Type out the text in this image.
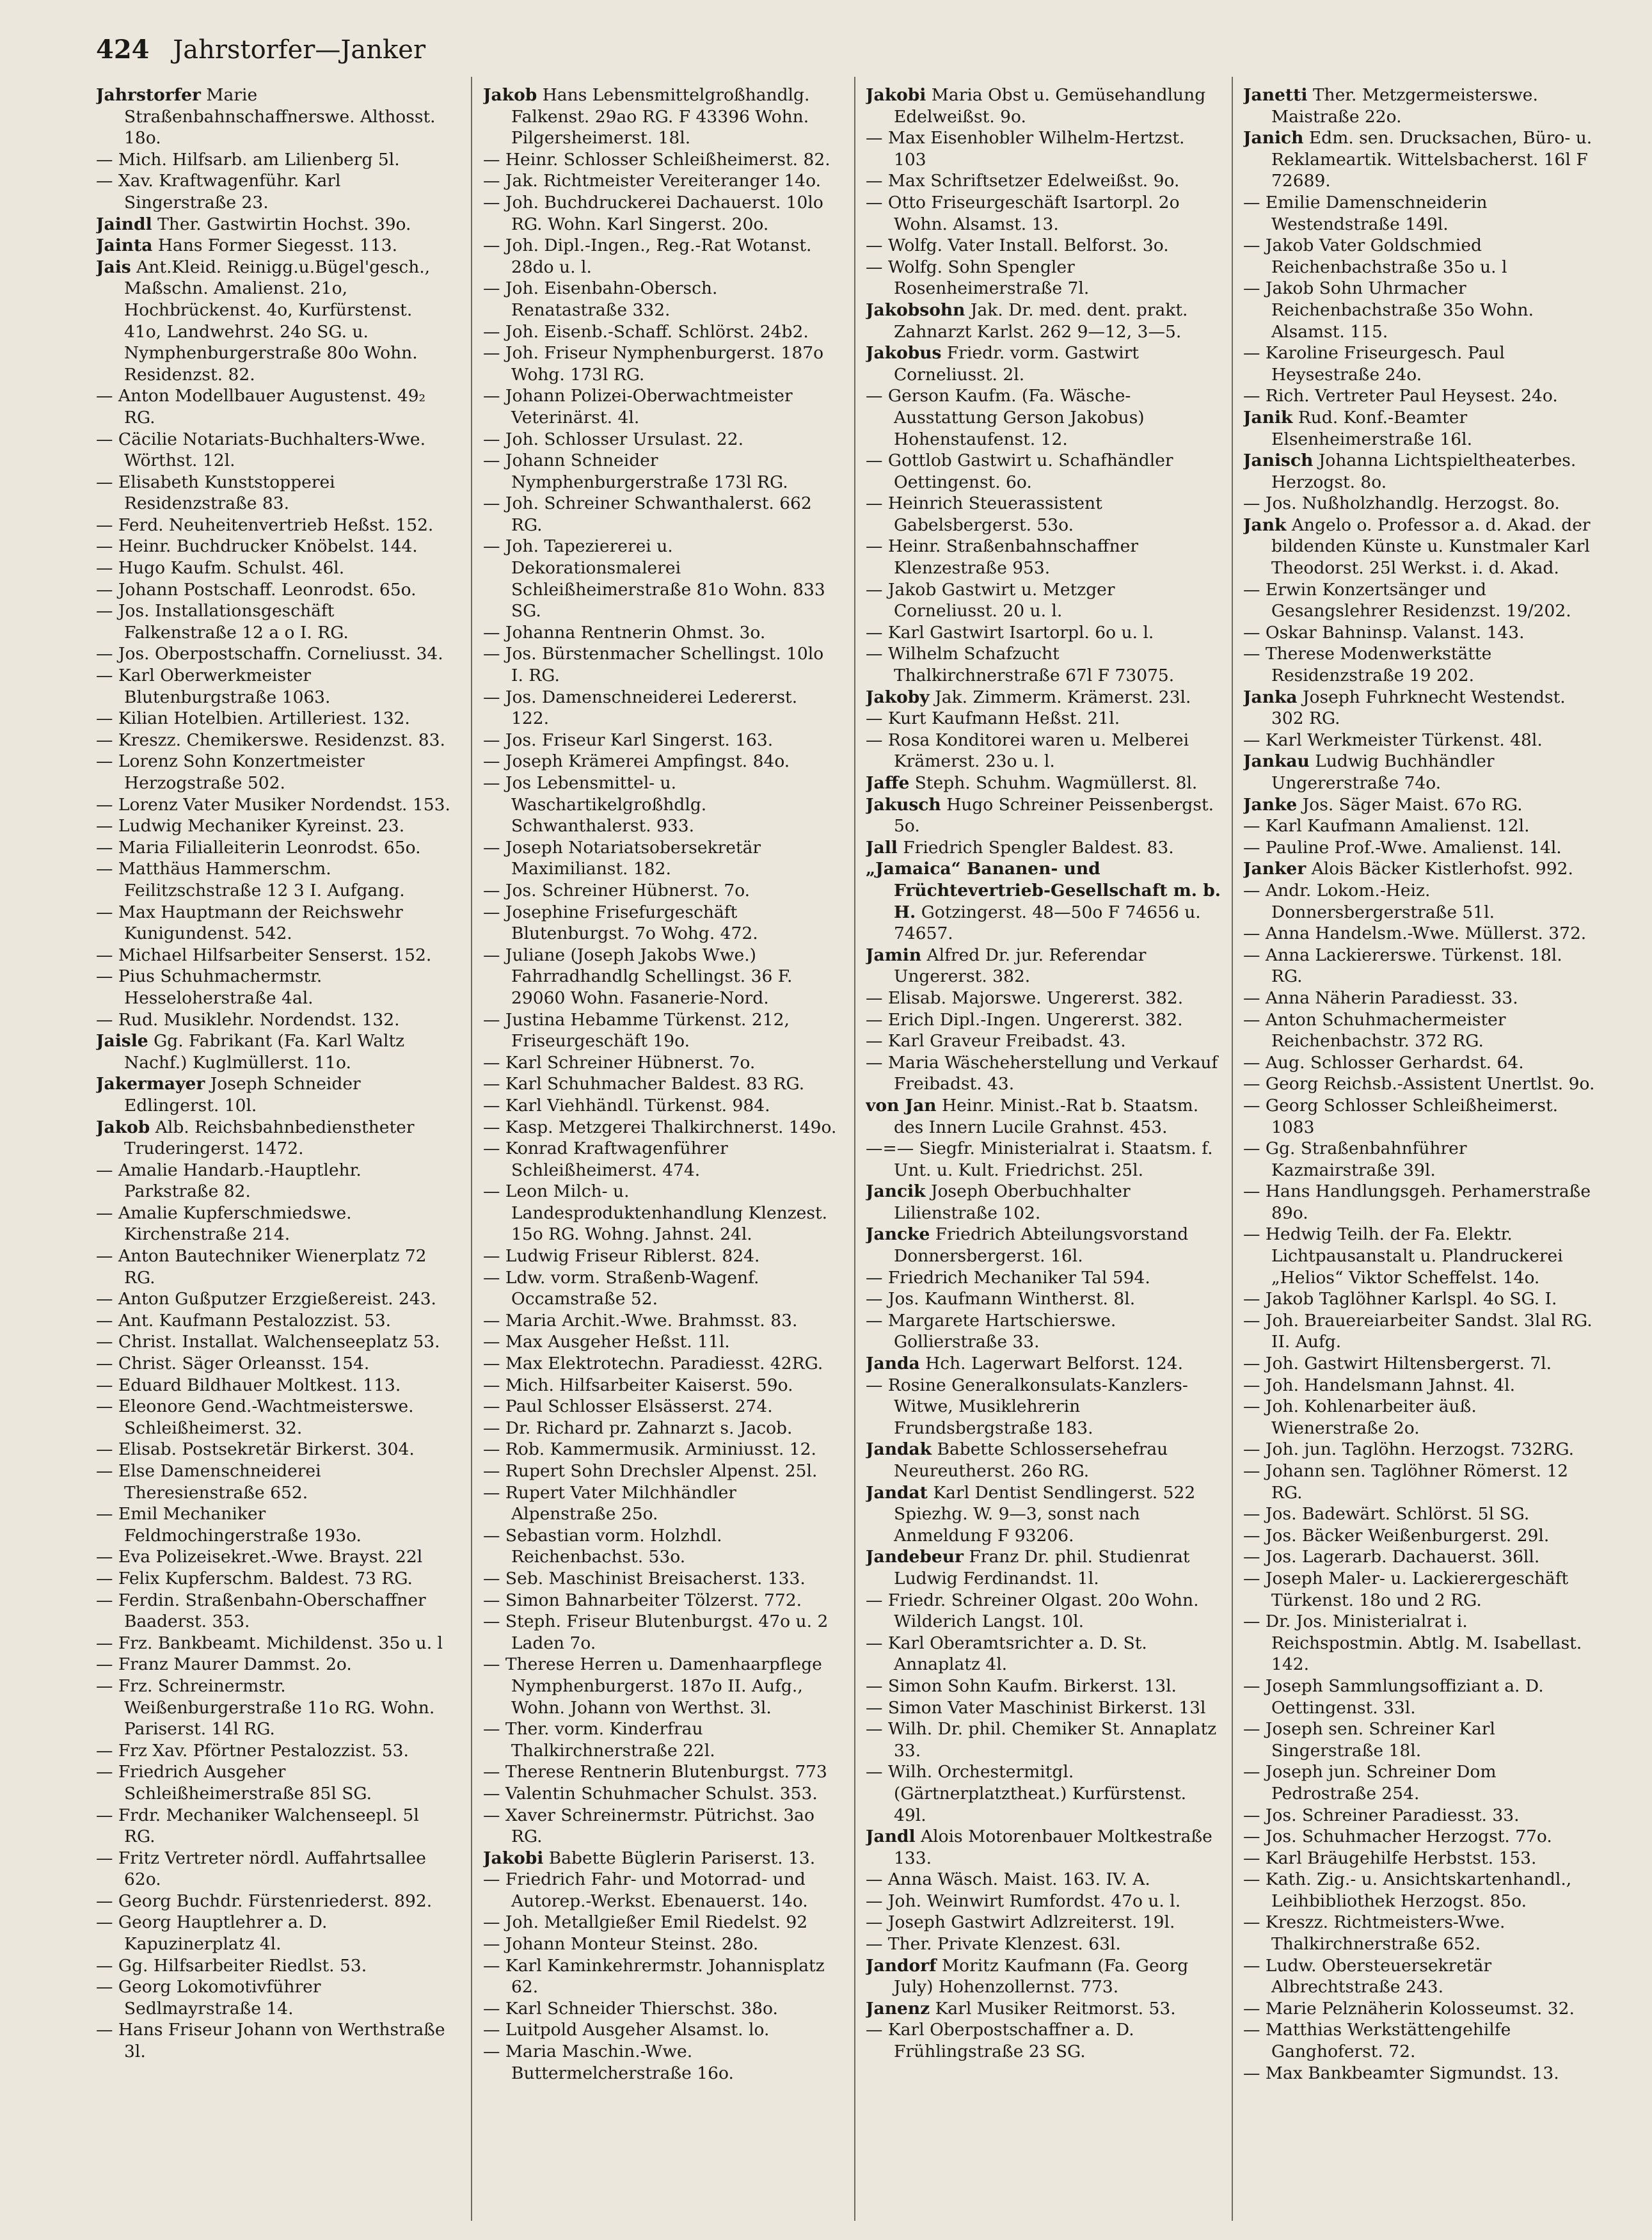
424 Jahrstorfer—Janker

Jahrstorfer Marie Straßenbahnschaffnerswe. Althosst. 18o.

— Mich. Hilfsarb. am Lilienberg 5l.

— Xav. Kraftwagenführ. Karl Singerstraße 23.

Jaindl Ther. Gastwirtin Hochst. 39o.

Jainta Hans Former Siegesst. 113.

Jais Ant.Kleid. Reinigg.u.Bügel'gesch., Maßschn. Amalienst. 21o, Hochbrückenst. 4o, Kurfürstenst. 41o, Landwehrst. 24o SG. u. Nymphenburgerstraße 80o Wohn. Residenzst. 82.

— Anton Modellbauer Augustenst. 49₂ RG.

— Cäcilie Notariats-Buchhalters-Wwe. Wörthst. 12l.

— Elisabeth Kunststopperei Residenzstraße 83.

— Ferd. Neuheitenvertrieb Heßst. 152.

— Heinr. Buchdrucker Knöbelst. 144.

— Hugo Kaufm. Schulst. 46l.

— Johann Postschaff. Leonrodst. 65o.

— Jos. Installationsgeschäft Falkenstraße 12 a o I. RG.

— Jos. Oberpostschaffn. Corneliusst. 34.

— Karl Oberwerkmeister Blutenburgstraße 1063.

— Kilian Hotelbien. Artilleriest. 132.

— Kreszz. Chemikerswe. Residenzst. 83.

— Lorenz Sohn Konzertmeister Herzogstraße 502.

— Lorenz Vater Musiker Nordendst. 153.

— Ludwig Mechaniker Kyreinst. 23.

— Maria Filialleiterin Leonrodst. 65o.

— Matthäus Hammerschm. Feilitzschstraße 12 3 I. Aufgang.

— Max Hauptmann der Reichswehr Kunigundenst. 542.

— Michael Hilfsarbeiter Senserst. 152.

— Pius Schuhmachermstr. Hesseloherstraße 4al.

— Rud. Musiklehr. Nordendst. 132.

Jaisle Gg. Fabrikant (Fa. Karl Waltz Nachf.) Kuglmüllerst. 11o.

Jakermayer Joseph Schneider Edlingerst. 10l.

Jakob Alb. Reichsbahnbedienstheter Truderingerst. 1472.

— Amalie Handarb.-Hauptlehr. Parkstraße 82.

— Amalie Kupferschmiedswe. Kirchenstraße 214.

— Anton Bautechniker Wienerplatz 72 RG.

— Anton Gußputzer Erzgießereist. 243.

— Ant. Kaufmann Pestalozzist. 53.

— Christ. Installat. Walchenseeplatz 53.

— Christ. Säger Orleansst. 154.

— Eduard Bildhauer Moltkest. 113.

— Eleonore Gend.-Wachtmeisterswe. Schleißheimerst. 32.

— Elisab. Postsekretär Birkerst. 304.

— Else Damenschneiderei Theresienstraße 652.

— Emil Mechaniker Feldmochingerstraße 193o.

— Eva Polizeisekret.-Wwe. Brayst. 22l

— Felix Kupferschm. Baldest. 73 RG.

— Ferdin. Straßenbahn-Oberschaffner Baaderst. 353.

— Frz. Bankbeamt. Michildenst. 35o u. l

— Franz Maurer Dammst. 2o.

— Frz. Schreinermstr. Weißenburgerstraße 11o RG. Wohn. Pariserst. 14l RG.

— Frz Xav. Pförtner Pestalozzist. 53.

— Friedrich Ausgeher Schleißheimerstraße 85l SG.

— Frdr. Mechaniker Walchenseepl. 5l RG.

— Fritz Vertreter nördl. Auffahrtsallee 62o.

— Georg Buchdr. Fürstenriederst. 892.

— Georg Hauptlehrer a. D. Kapuzinerplatz 4l.

— Gg. Hilfsarbeiter Riedlst. 53.

— Georg Lokomotivführer Sedlmayrstraße 14.

— Hans Friseur Johann von Werthstraße 3l.

Jakob Hans Lebensmittelgroßhandlg. Falkenst. 29ao RG. F 43396 Wohn. Pilgersheimerst. 18l.

— Heinr. Schlosser Schleißheimerst. 82.

— Jak. Richtmeister Vereiteranger 14o.

— Joh. Buchdruckerei Dachauerst. 10lo RG. Wohn. Karl Singerst. 20o.

— Joh. Dipl.-Ingen., Reg.-Rat Wotanst. 28do u. l.

— Joh. Eisenbahn-Obersch. Renatastraße 332.

— Joh. Eisenb.-Schaff. Schlörst. 24b2.

— Joh. Friseur Nymphenburgerst. 187o Wohg. 173l RG.

— Johann Polizei-Oberwachtmeister Veterinärst. 4l.

— Joh. Schlosser Ursulast. 22.

— Johann Schneider Nymphenburgerstraße 173l RG.

— Joh. Schreiner Schwanthalerst. 662 RG.

— Joh. Tapeziererei u. Dekorationsmalerei Schleißheimerstraße 81o Wohn. 833 SG.

— Johanna Rentnerin Ohmst. 3o.

— Jos. Bürstenmacher Schellingst. 10lo I. RG.

— Jos. Damenschneiderei Ledererst. 122.

— Jos. Friseur Karl Singerst. 163.

— Joseph Krämerei Ampfingst. 84o.

— Jos Lebensmittel- u. Waschartikelgroßhdlg. Schwanthalerst. 933.

— Joseph Notariatsobersekretär Maximilianst. 182.

— Jos. Schreiner Hübnerst. 7o.

— Josephine Frisefurgeschäft Blutenburgst. 7o Wohg. 472.

— Juliane (Joseph Jakobs Wwe.) Fahrradhandlg Schellingst. 36 F. 29060 Wohn. Fasanerie-Nord.

— Justina Hebamme Türkenst. 212, Friseurgeschäft 19o.

— Karl Schreiner Hübnerst. 7o.

— Karl Schuhmacher Baldest. 83 RG.

— Karl Viehhändl. Türkenst. 984.

— Kasp. Metzgerei Thalkirchnerst. 149o.

— Konrad Kraftwagenführer Schleißheimerst. 474.

— Leon Milch- u. Landesproduktenhandlung Klenzest. 15o RG. Wohng. Jahnst. 24l.

— Ludwig Friseur Riblerst. 824.

— Ldw. vorm. Straßenb-Wagenf. Occamstraße 52.

— Maria Archit.-Wwe. Brahmsst. 83.

— Max Ausgeher Heßst. 11l.

— Max Elektrotechn. Paradiesst. 42RG.

— Mich. Hilfsarbeiter Kaiserst. 59o.

— Paul Schlosser Elsässerst. 274.

— Dr. Richard pr. Zahnarzt s. Jacob.

— Rob. Kammermusik. Arminiusst. 12.

— Rupert Sohn Drechsler Alpenst. 25l.

— Rupert Vater Milchhändler Alpenstraße 25o.

— Sebastian vorm. Holzhdl. Reichenbachst. 53o.

— Seb. Maschinist Breisacherst. 133.

— Simon Bahnarbeiter Tölzerst. 772.

— Steph. Friseur Blutenburgst. 47o u. 2 Laden 7o.

— Therese Herren u. Damenhaarpflege Nymphenburgerst. 187o II. Aufg., Wohn. Johann von Werthst. 3l.

— Ther. vorm. Kinderfrau Thalkirchnerstraße 22l.

— Therese Rentnerin Blutenburgst. 773

— Valentin Schuhmacher Schulst. 353.

— Xaver Schreinermstr. Pütrichst. 3ao RG.

Jakobi Babette Büglerin Pariserst. 13.

— Friedrich Fahr- und Motorrad- und Autorep.-Werkst. Ebenauerst. 14o.

— Joh. Metallgießer Emil Riedelst. 92

— Johann Monteur Steinst. 28o.

— Karl Kaminkehrermstr. Johannisplatz 62.

— Karl Schneider Thierschst. 38o.

— Luitpold Ausgeher Alsamst. lo.

— Maria Maschin.-Wwe. Buttermelcherstraße 16o.

Jakobi Maria Obst u. Gemüsehandlung Edelweißst. 9o.

— Max Eisenhobler Wilhelm-Hertzst. 103

— Max Schriftsetzer Edelweißst. 9o.

— Otto Friseurgeschäft Isartorpl. 2o Wohn. Alsamst. 13.

— Wolfg. Vater Install. Belforst. 3o.

— Wolfg. Sohn Spengler Rosenheimerstraße 7l.

Jakobsohn Jak. Dr. med. dent. prakt. Zahnarzt Karlst. 262 9—12, 3—5.

Jakobus Friedr. vorm. Gastwirt Corneliusst. 2l.

— Gerson Kaufm. (Fa. Wäsche-Ausstattung Gerson Jakobus) Hohenstaufenst. 12.

— Gottlob Gastwirt u. Schafhändler Oettingenst. 6o.

— Heinrich Steuerassistent Gabelsbergerst. 53o.

— Heinr. Straßenbahnschaffner Klenzestraße 953.

— Jakob Gastwirt u. Metzger Corneliusst. 20 u. l.

— Karl Gastwirt Isartorpl. 6o u. l.

— Wilhelm Schafzucht Thalkirchnerstraße 67l F 73075.

Jakoby Jak. Zimmerm. Krämerst. 23l.

— Kurt Kaufmann Heßst. 21l.

— Rosa Konditorei waren u. Melberei Krämerst. 23o u. l.

Jaffe Steph. Schuhm. Wagmüllerst. 8l.

Jakusch Hugo Schreiner Peissenbergst. 5o.

Jall Friedrich Spengler Baldest. 83.

„Jamaica“ Bananen- und Früchtevertrieb-Gesellschaft m. b. H. Gotzingerst. 48—50o F 74656 u. 74657.

Jamin Alfred Dr. jur. Referendar Ungererst. 382.

— Elisab. Majorswe. Ungererst. 382.

— Erich Dipl.-Ingen. Ungererst. 382.

— Karl Graveur Freibadst. 43.

— Maria Wäscheherstellung und Verkauf Freibadst. 43.

von Jan Heinr. Minist.-Rat b. Staatsm. des Innern Lucile Grahnst. 453.

—=— Siegfr. Ministerialrat i. Staatsm. f. Unt. u. Kult. Friedrichst. 25l.

Jancik Joseph Oberbuchhalter Lilienstraße 102.

Jancke Friedrich Abteilungsvorstand Donnersbergerst. 16l.

— Friedrich Mechaniker Tal 594.

— Jos. Kaufmann Wintherst. 8l.

— Margarete Hartschierswe. Gollierstraße 33.

Janda Hch. Lagerwart Belforst. 124.

— Rosine Generalkonsulats-Kanzlers-Witwe, Musiklehrerin Frundsbergstraße 183.

Jandak Babette Schlossersehefrau Neureutherst. 26o RG.

Jandat Karl Dentist Sendlingerst. 522 Spiezhg. W. 9—3, sonst nach Anmeldung F 93206.

Jandebeur Franz Dr. phil. Studienrat Ludwig Ferdinandst. 1l.

— Friedr. Schreiner Olgast. 20o Wohn. Wilderich Langst. 10l.

— Karl Oberamtsrichter a. D. St. Annaplatz 4l.

— Simon Sohn Kaufm. Birkerst. 13l.

— Simon Vater Maschinist Birkerst. 13l

— Wilh. Dr. phil. Chemiker St. Annaplatz 33.

— Wilh. Orchestermitgl. (Gärtnerplatztheat.) Kurfürstenst. 49l.

Jandl Alois Motorenbauer Moltkestraße 133.

— Anna Wäsch. Maist. 163. IV. A.

— Joh. Weinwirt Rumfordst. 47o u. l.

— Joseph Gastwirt Adlzreiterst. 19l.

— Ther. Private Klenzest. 63l.

Jandorf Moritz Kaufmann (Fa. Georg July) Hohenzollernst. 773.

Janenz Karl Musiker Reitmorst. 53.

— Karl Oberpostschaffner a. D. Frühlingstraße 23 SG.

Janetti Ther. Metzgermeisterswe. Maistraße 22o.

Janich Edm. sen. Drucksachen, Büro- u. Reklameartik. Wittelsbacherst. 16l F 72689.

— Emilie Damenschneiderin Westendstraße 149l.

— Jakob Vater Goldschmied Reichenbachstraße 35o u. l

— Jakob Sohn Uhrmacher Reichenbachstraße 35o Wohn. Alsamst. 115.

— Karoline Friseurgesch. Paul Heysestraße 24o.

— Rich. Vertreter Paul Heysest. 24o.

Janik Rud. Konf.-Beamter Elsenheimerstraße 16l.

Janisch Johanna Lichtspieltheaterbes. Herzogst. 8o.

— Jos. Nußholzhandlg. Herzogst. 8o.

Jank Angelo o. Professor a. d. Akad. der bildenden Künste u. Kunstmaler Karl Theodorst. 25l Werkst. i. d. Akad.

— Erwin Konzertsänger und Gesangslehrer Residenzst. 19/202.

— Oskar Bahninsp. Valanst. 143.

— Therese Modenwerkstätte Residenzstraße 19 202.

Janka Joseph Fuhrknecht Westendst. 302 RG.

— Karl Werkmeister Türkenst. 48l.

Jankau Ludwig Buchhändler Ungererstraße 74o.

Janke Jos. Säger Maist. 67o RG.

— Karl Kaufmann Amalienst. 12l.

— Pauline Prof.-Wwe. Amalienst. 14l.

Janker Alois Bäcker Kistlerhofst. 992.

— Andr. Lokom.-Heiz. Donnersbergerstraße 51l.

— Anna Handelsm.-Wwe. Müllerst. 372.

— Anna Lackiererswe. Türkenst. 18l. RG.

— Anna Näherin Paradiesst. 33.

— Anton Schuhmachermeister Reichenbachstr. 372 RG.

— Aug. Schlosser Gerhardst. 64.

— Georg Reichsb.-Assistent Unertlst. 9o.

— Georg Schlosser Schleißheimerst. 1083

— Gg. Straßenbahnführer Kazmairstraße 39l.

— Hans Handlungsgeh. Perhamerstraße 89o.

— Hedwig Teilh. der Fa. Elektr. Lichtpausanstalt u. Plandruckerei „Helios“ Viktor Scheffelst. 14o.

— Jakob Taglöhner Karlspl. 4o SG. I.

— Joh. Brauereiarbeiter Sandst. 3lal RG. II. Aufg.

— Joh. Gastwirt Hiltensbergerst. 7l.

— Joh. Handelsmann Jahnst. 4l.

— Joh. Kohlenarbeiter äuß. Wienerstraße 2o.

— Joh. jun. Taglöhn. Herzogst. 732RG.

— Johann sen. Taglöhner Römerst. 12 RG.

— Jos. Badewärt. Schlörst. 5l SG.

— Jos. Bäcker Weißenburgerst. 29l.

— Jos. Lagerarb. Dachauerst. 36ll.

— Joseph Maler- u. Lackierergeschäft Türkenst. 18o und 2 RG.

— Dr. Jos. Ministerialrat i. Reichspostmin. Abtlg. M. Isabellast. 142.

— Joseph Sammlungsoffiziant a. D. Oettingenst. 33l.

— Joseph sen. Schreiner Karl Singerstraße 18l.

— Joseph jun. Schreiner Dom Pedrostraße 254.

— Jos. Schreiner Paradiesst. 33.

— Jos. Schuhmacher Herzogst. 77o.

— Karl Bräugehilfe Herbstst. 153.

— Kath. Zig.- u. Ansichtskartenhandl., Leihbibliothek Herzogst. 85o.

— Kreszz. Richtmeisters-Wwe. Thalkirchnerstraße 652.

— Ludw. Obersteuersekretär Albrechtstraße 243.

— Marie Pelznäherin Kolosseumst. 32.

— Matthias Werkstättengehilfe Ganghoferst. 72.

— Max Bankbeamter Sigmundst. 13.
